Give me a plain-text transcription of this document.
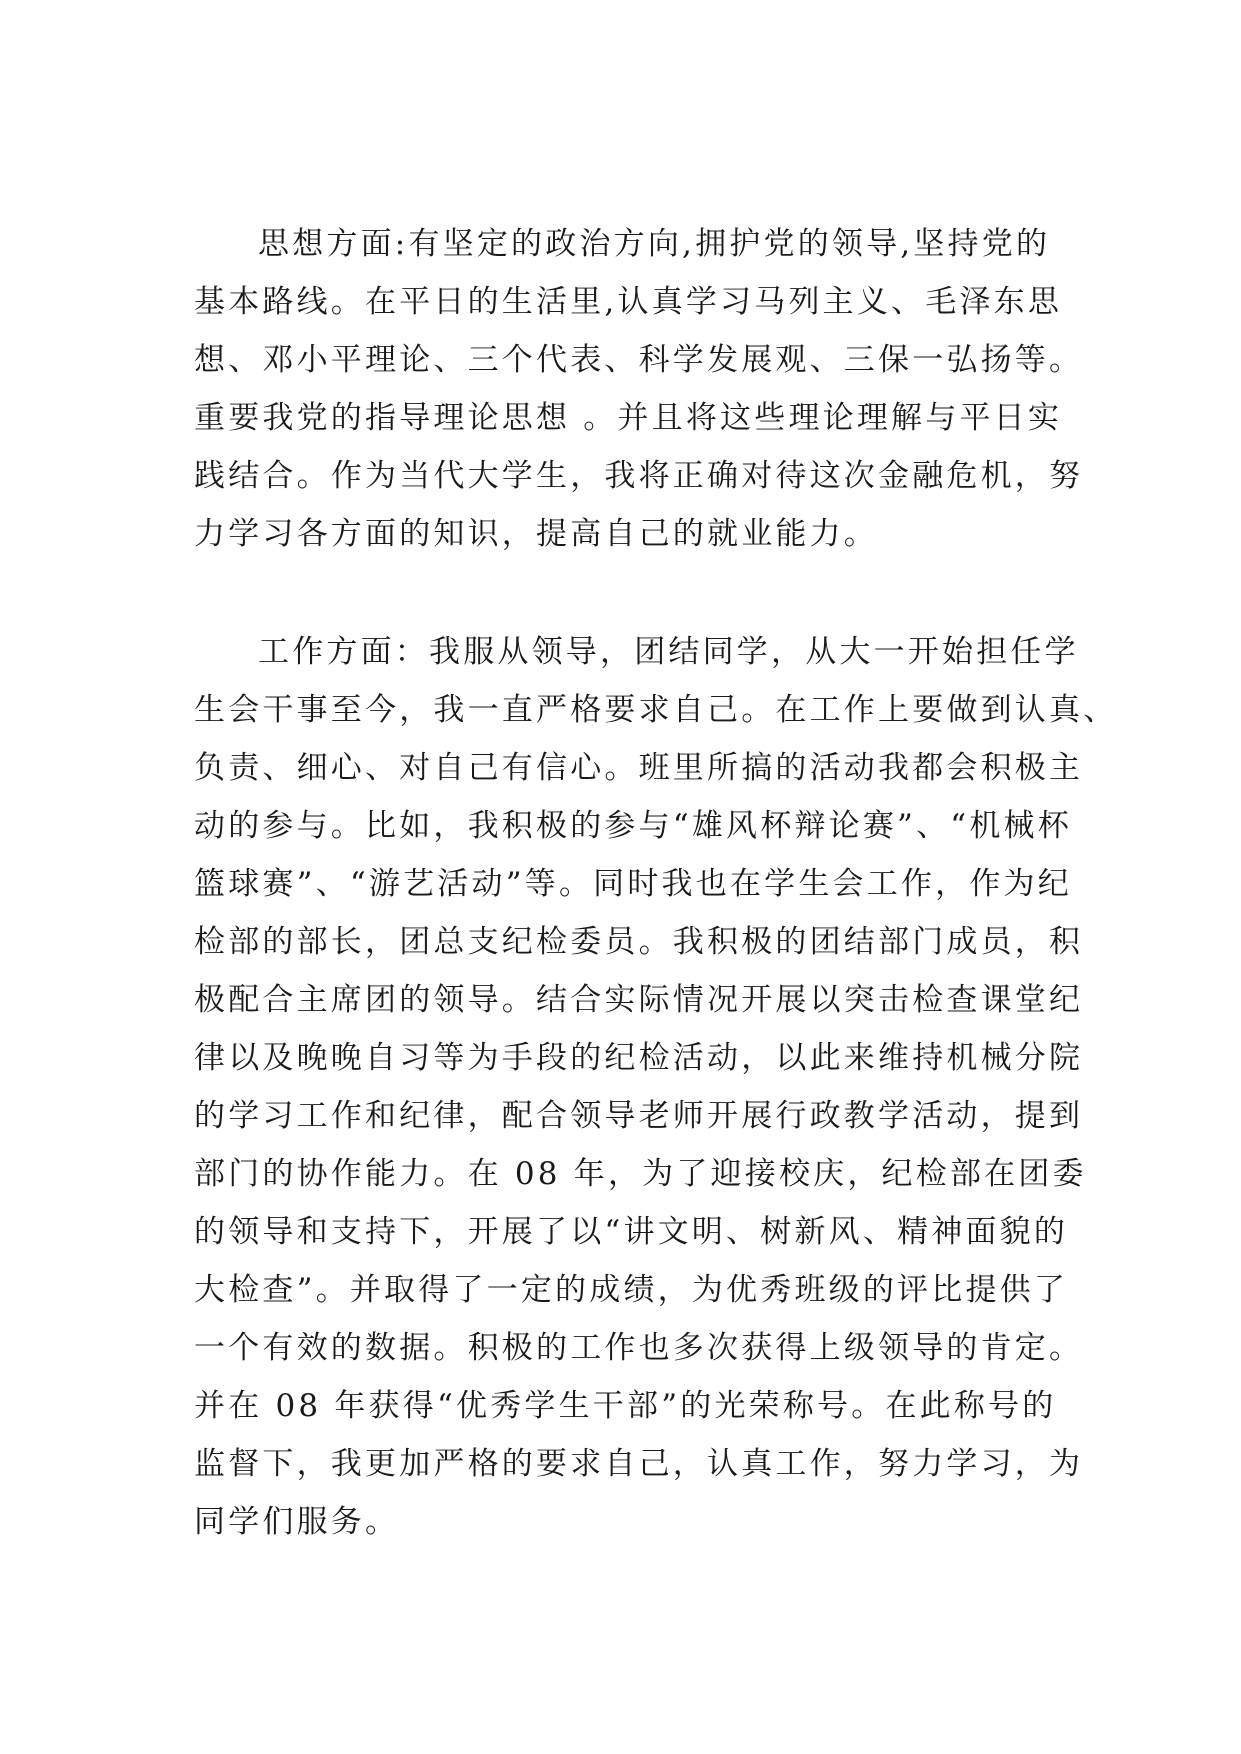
思想方面:有坚定的政治方向,拥护党的领导,坚持党的
基本路线。在平日的生活里,认真学习马列主义、毛泽东思
想、邓小平理论、三个代表、科学发展观、三保一弘扬等。
重要我党的指导理论思想 。并且将这些理论理解与平日实
践结合。作为当代大学生，我将正确对待这次金融危机，努
力学习各方面的知识，提高自己的就业能力。
工作方面：我服从领导，团结同学，从大一开始担任学
生会干事至今，我一直严格要求自己。在工作上要做到认真、
负责、细心、对自己有信心。班里所搞的活动我都会积极主
动的参与。比如，我积极的参与“雄风杯辩论赛”、“机械杯
篮球赛”、“游艺活动”等。同时我也在学生会工作，作为纪
检部的部长，团总支纪检委员。我积极的团结部门成员，积
极配合主席团的领导。结合实际情况开展以突击检查课堂纪
律以及晚晚自习等为手段的纪检活动，以此来维持机械分院
的学习工作和纪律，配合领导老师开展行政教学活动，提到
部门的协作能力。在 08 年，为了迎接校庆，纪检部在团委
的领导和支持下，开展了以“讲文明、树新风、精神面貌的
大检查”。并取得了一定的成绩，为优秀班级的评比提供了
一个有效的数据。积极的工作也多次获得上级领导的肯定。
并在 08 年获得“优秀学生干部”的光荣称号。在此称号的
监督下，我更加严格的要求自己，认真工作，努力学习，为
同学们服务。
